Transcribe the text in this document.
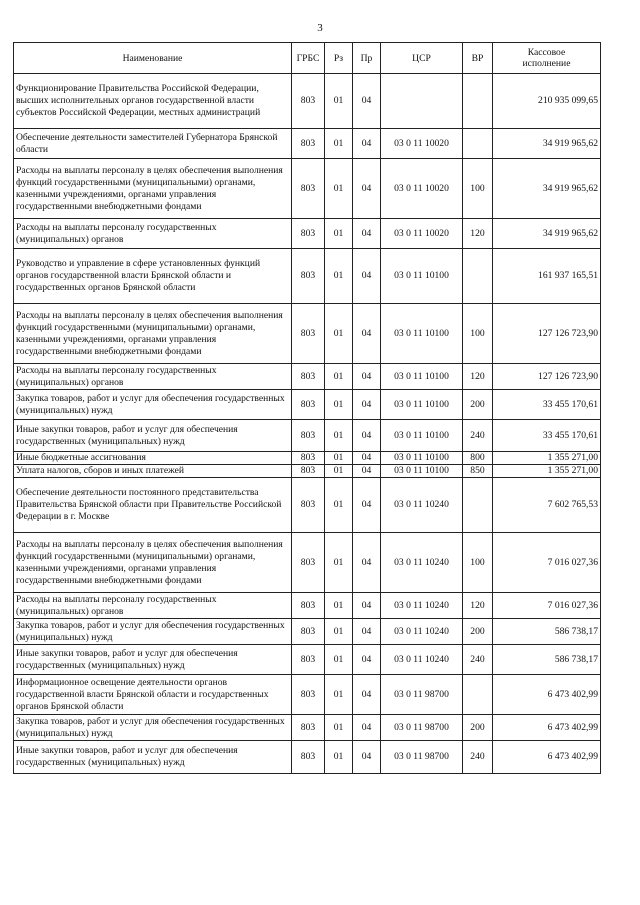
3
Наименование	ГРБС	Рз	Пр	ЦСР	ВР	Кассовое
исполнение

Функционирование Правительства Российской Федерации, высших исполнительных органов государственной власти субъектов Российской Федерации, местных администраций	803	01	04			210 935 099,65
Обеспечение деятельности заместителей Губернатора Брянской области	803	01	04	03 0 11 10020		34 919 965,62
Расходы на выплаты персоналу в целях обеспечения выполнения функций государственными (муниципальными) органами, казенными учреждениями, органами управления государственными внебюджетными фондами	803	01	04	03 0 11 10020	100	34 919 965,62
Расходы на выплаты персоналу государственных (муниципальных) органов	803	01	04	03 0 11 10020	120	34 919 965,62
Руководство и управление в сфере установленных функций органов государственной власти Брянской области и государственных органов Брянской области	803	01	04	03 0 11 10100		161 937 165,51
Расходы на выплаты персоналу в целях обеспечения выполнения функций государственными (муниципальными) органами, казенными учреждениями, органами управления государственными внебюджетными фондами	803	01	04	03 0 11 10100	100	127 126 723,90
Расходы на выплаты персоналу государственных (муниципальных) органов	803	01	04	03 0 11 10100	120	127 126 723,90
Закупка товаров, работ и услуг для обеспечения государственных (муниципальных) нужд	803	01	04	03 0 11 10100	200	33 455 170,61
Иные закупки товаров, работ и услуг для обеспечения государственных (муниципальных) нужд	803	01	04	03 0 11 10100	240	33 455 170,61
Иные бюджетные ассигнования	803	01	04	03 0 11 10100	800	1 355 271,00
Уплата налогов, сборов и иных платежей	803	01	04	03 0 11 10100	850	1 355 271,00
Обеспечение деятельности постоянного представительства Правительства Брянской области при Правительстве Российской Федерации в г. Москве	803	01	04	03 0 11 10240		7 602 765,53
Расходы на выплаты персоналу в целях обеспечения выполнения функций государственными (муниципальными) органами, казенными учреждениями, органами управления государственными внебюджетными фондами	803	01	04	03 0 11 10240	100	7 016 027,36
Расходы на выплаты персоналу государственных (муниципальных) органов	803	01	04	03 0 11 10240	120	7 016 027,36
Закупка товаров, работ и услуг для обеспечения государственных (муниципальных) нужд	803	01	04	03 0 11 10240	200	586 738,17
Иные закупки товаров, работ и услуг для обеспечения государственных (муниципальных) нужд	803	01	04	03 0 11 10240	240	586 738,17
Информационное освещение деятельности органов государственной власти Брянской области и государственных органов Брянской области	803	01	04	03 0 11 98700		6 473 402,99
Закупка товаров, работ и услуг для обеспечения государственных (муниципальных) нужд	803	01	04	03 0 11 98700	200	6 473 402,99
Иные закупки товаров, работ и услуг для обеспечения государственных (муниципальных) нужд	803	01	04	03 0 11 98700	240	6 473 402,99
